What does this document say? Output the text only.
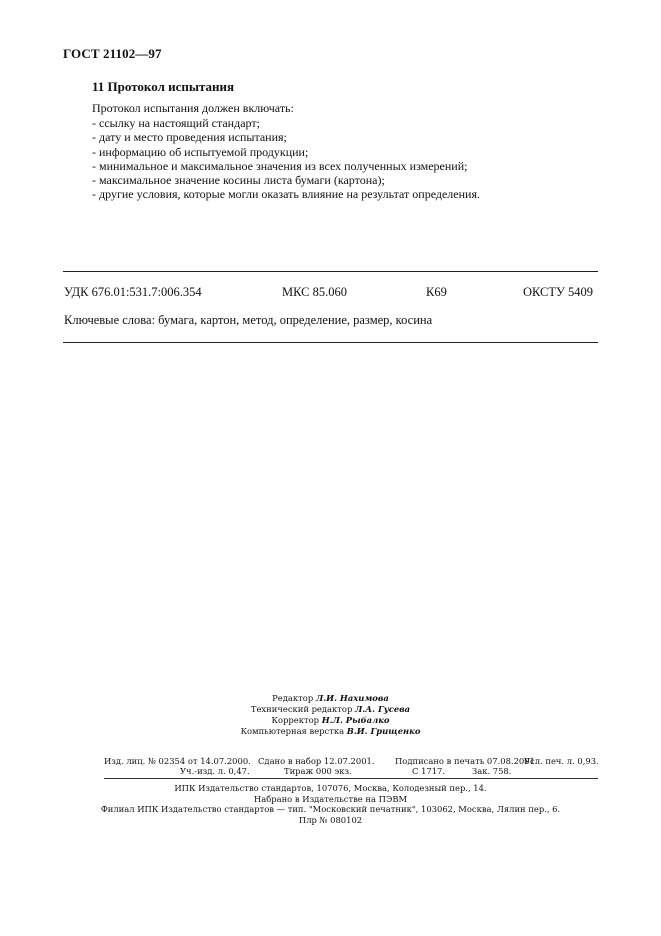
ГОСТ 21102—97
11 Протокол испытания
Протокол испытания должен включать:
- ссылку на настоящий стандарт;
- дату и место проведения испытания;
- информацию об испытуемой продукции;
- минимальное и максимальное значения из всех полученных измерений;
- максимальное значение косины листа бумаги (картона);
- другие условия, которые могли оказать влияние на результат определения.
УДК 676.01:531.7:006.354	МКС 85.060	К69	ОКСТУ 5409
Ключевые слова: бумага, картон, метод, определение, размер, косина
Редактор Л.И. Нахимова
Технический редактор Л.А. Гусева
Корректор Н.Л. Рыбалко
Компьютерная верстка В.И. Грищенко
Изд. лиц. № 02354 от 14.07.2000. Сдано в набор 12.07.2001. Подписано в печать 07.08.2001.
Усл. печ. л. 0,93.
Уч.-изд. л. 0,47.	Тираж 000 экз.	С 1717.	Зак. 758.
ИПК Издательство стандартов, 107076, Москва, Колодезный пер., 14.
Набрано в Издательстве на ПЭВМ
Филиал ИПК Издательство стандартов — тип. "Московский печатник", 103062, Москва, Лялин пер., 6.
Плр № 080102
